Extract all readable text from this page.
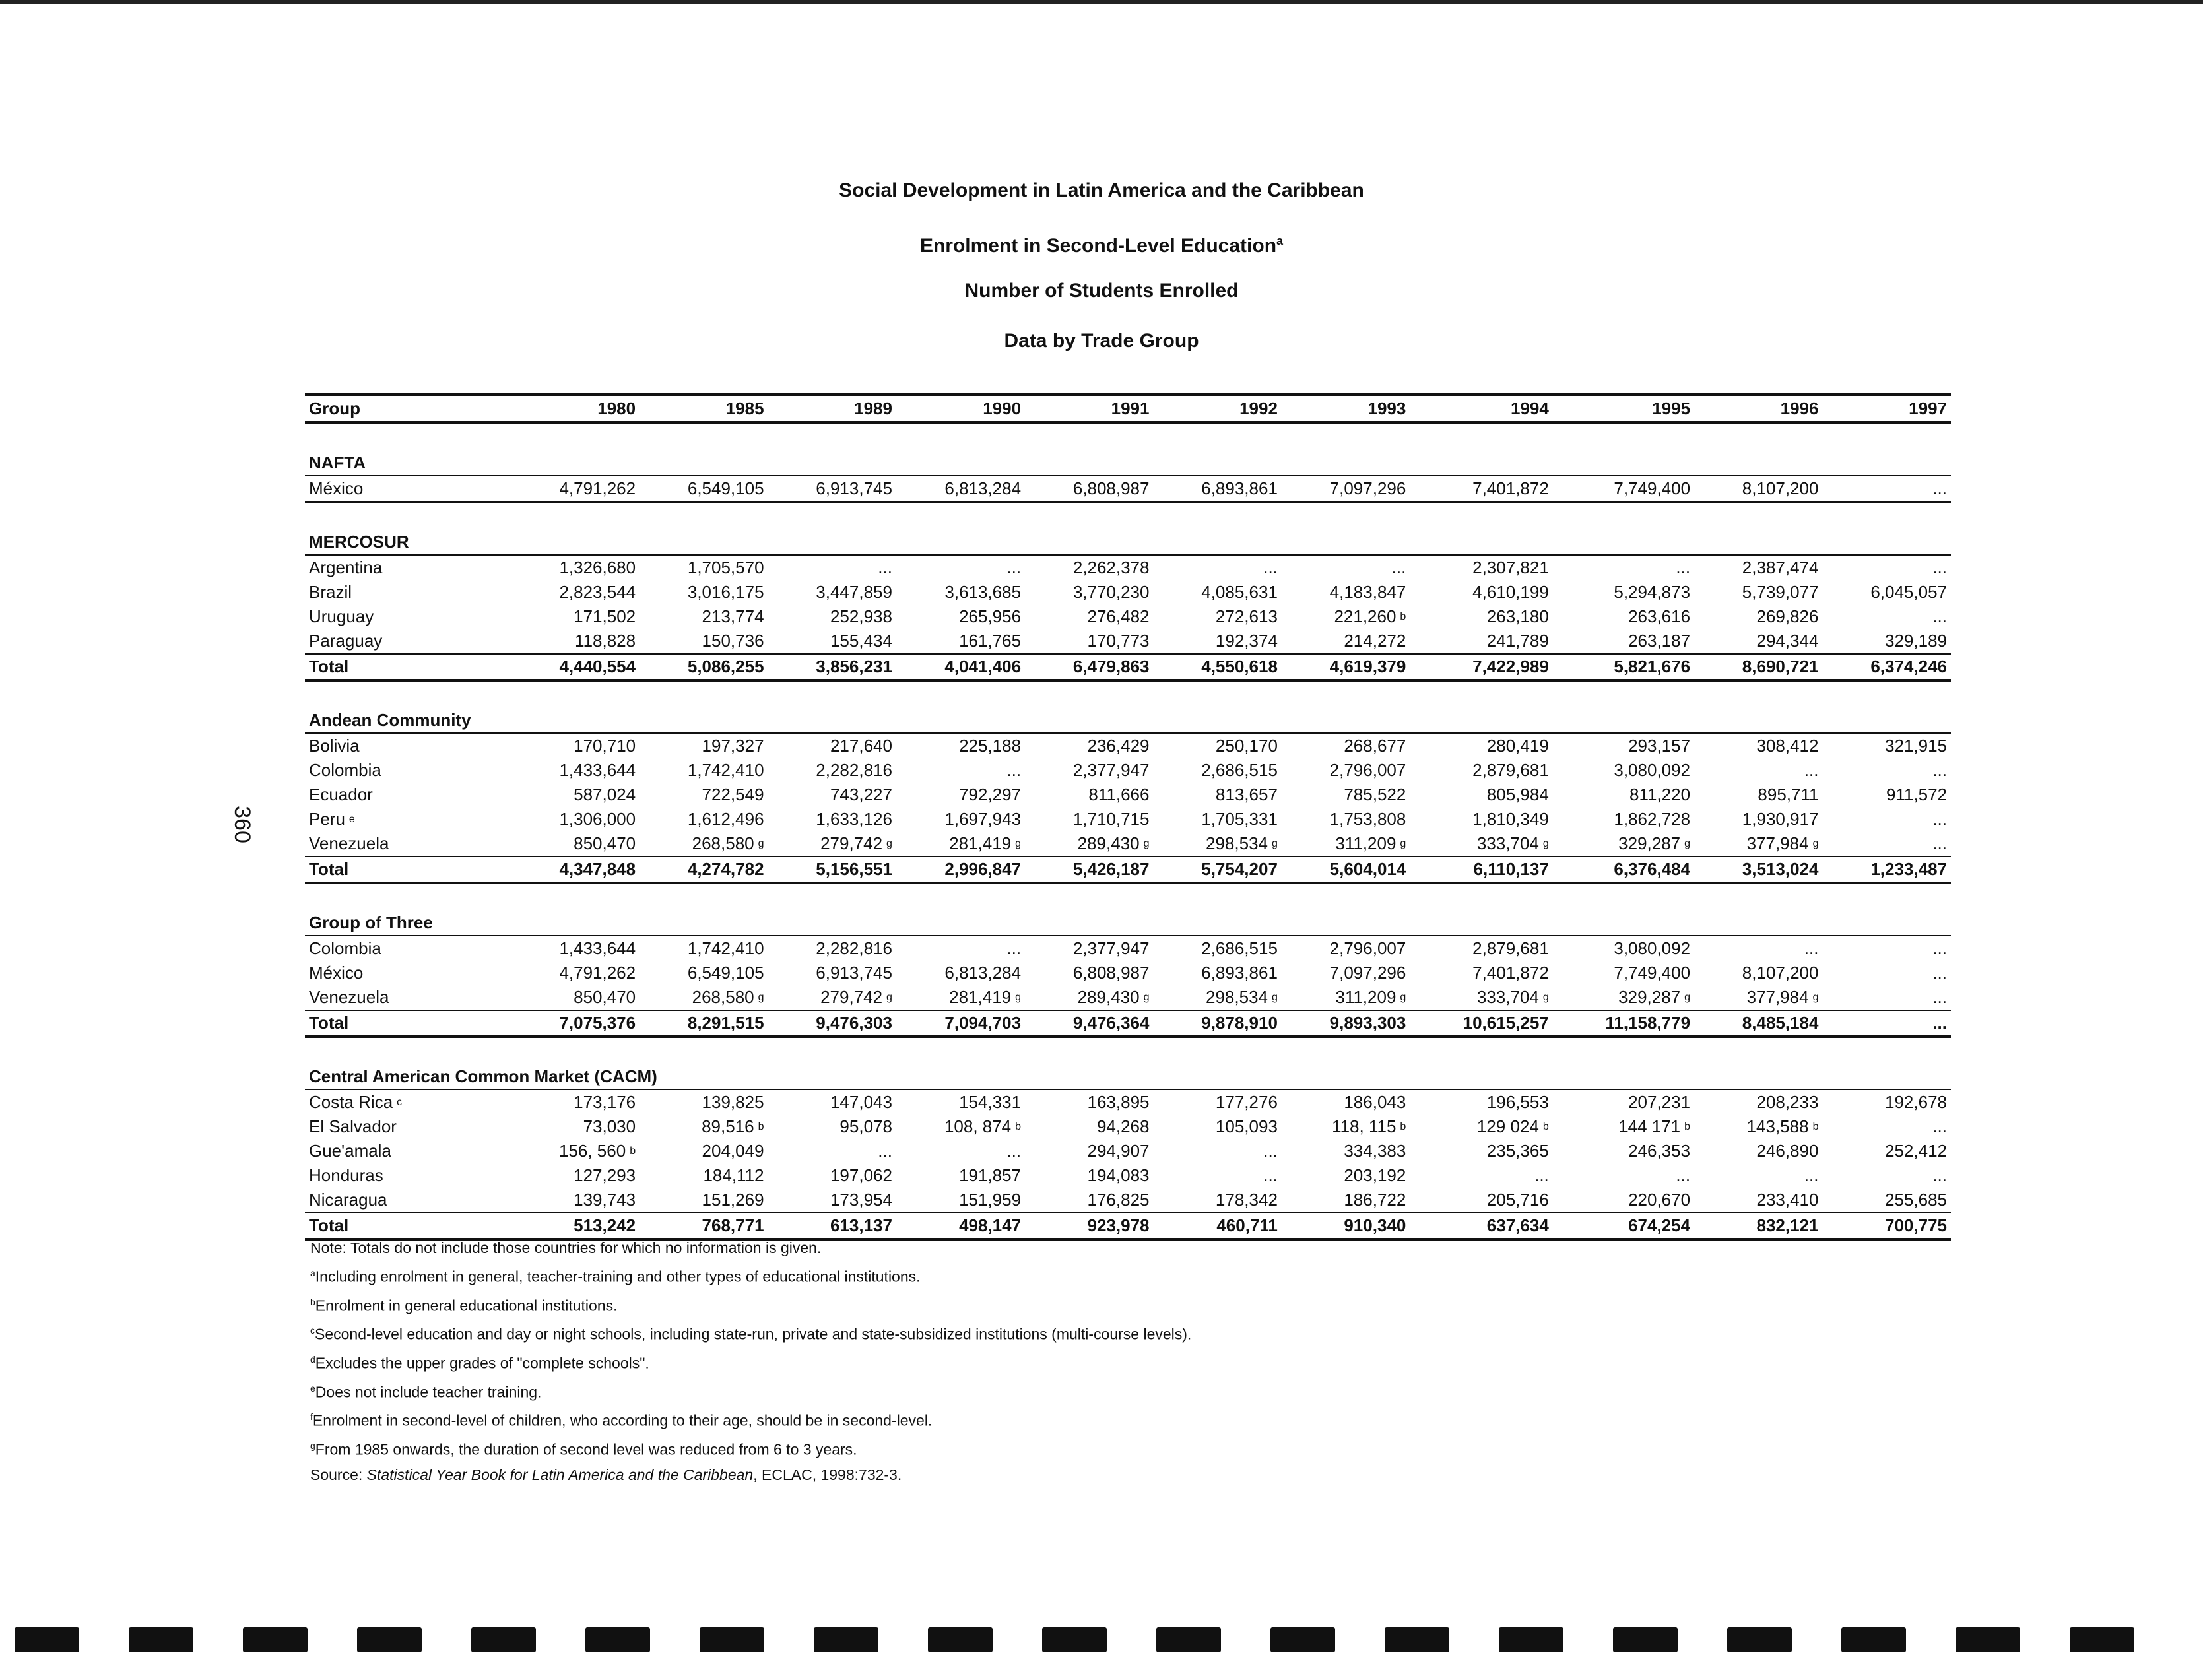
Social Development in Latin America and the Caribbean
Enrolment in Second-Level Education$^a$
Number of Students Enrolled
Data by Trade Group
360
Group	1980	1985	1989	1990	1991	1992	1993	1994	1995	1996	1997

NAFTA											
México	4,791,262	6,549,105	6,913,745	6,813,284	6,808,987	6,893,861	7,097,296	7,401,872	7,749,400	8,107,200	...

MERCOSUR											
Argentina	1,326,680	1,705,570	...	...	2,262,378	...	...	2,307,821	...	2,387,474	...
Brazil	2,823,544	3,016,175	3,447,859	3,613,685	3,770,230	4,085,631	4,183,847	4,610,199	5,294,873	5,739,077	6,045,057
Uruguay	171,502	213,774	252,938	265,956	276,482	272,613	221,260 $^b$	263,180	263,616	269,826	...
Paraguay	118,828	150,736	155,434	161,765	170,773	192,374	214,272	241,789	263,187	294,344	329,189
Total	4,440,554	5,086,255	3,856,231	4,041,406	6,479,863	4,550,618	4,619,379	7,422,989	5,821,676	8,690,721	6,374,246

Andean Community											
Bolivia	170,710	197,327	217,640	225,188	236,429	250,170	268,677	280,419	293,157	308,412	321,915
Colombia	1,433,644	1,742,410	2,282,816	...	2,377,947	2,686,515	2,796,007	2,879,681	3,080,092	...	...
Ecuador	587,024	722,549	743,227	792,297	811,666	813,657	785,522	805,984	811,220	895,711	911,572
Peru $^e$	1,306,000	1,612,496	1,633,126	1,697,943	1,710,715	1,705,331	1,753,808	1,810,349	1,862,728	1,930,917	...
Venezuela	850,470	268,580 $^g$	279,742 $^g$	281,419 $^g$	289,430 $^g$	298,534 $^g$	311,209 $^g$	333,704 $^g$	329,287 $^g$	377,984 $^g$	...
Total	4,347,848	4,274,782	5,156,551	2,996,847	5,426,187	5,754,207	5,604,014	6,110,137	6,376,484	3,513,024	1,233,487

Group of Three											
Colombia	1,433,644	1,742,410	2,282,816	...	2,377,947	2,686,515	2,796,007	2,879,681	3,080,092	...	...
México	4,791,262	6,549,105	6,913,745	6,813,284	6,808,987	6,893,861	7,097,296	7,401,872	7,749,400	8,107,200	...
Venezuela	850,470	268,580 $^g$	279,742 $^g$	281,419 $^g$	289,430 $^g$	298,534 $^g$	311,209 $^g$	333,704 $^g$	329,287 $^g$	377,984 $^g$	...
Total	7,075,376	8,291,515	9,476,303	7,094,703	9,476,364	9,878,910	9,893,303	10,615,257	11,158,779	8,485,184	...

Central American Common Market (CACM)											
Costa Rica $^c$	173,176	139,825	147,043	154,331	163,895	177,276	186,043	196,553	207,231	208,233	192,678
El Salvador	73,030	89,516 $^b$	95,078	108, 874 $^b$	94,268	105,093	118, 115 $^b$	129 024 $^b$	144 171 $^b$	143,588 $^b$	...
Gue'amala	156, 560 $^b$	204,049	...	...	294,907	...	334,383	235,365	246,353	246,890	252,412
Honduras	127,293	184,112	197,062	191,857	194,083	...	203,192	...	...	...	...
Nicaragua	139,743	151,269	173,954	151,959	176,825	178,342	186,722	205,716	220,670	233,410	255,685
Total	513,242	768,771	613,137	498,147	923,978	460,711	910,340	637,634	674,254	832,121	700,775
Note: Totals do not include those countries for which no information is given.
$^a$Including enrolment in general, teacher-training and other types of educational institutions.
$^b$Enrolment in general educational institutions.
$^c$Second-level education and day or night schools, including state-run, private and state-subsidized institutions (multi-course levels).
$^d$Excludes the upper grades of "complete schools".
$^e$Does not include teacher training.
$^f$Enrolment in second-level of children, who according to their age, should be in second-level.
$^g$From 1985 onwards, the duration of second level was reduced from 6 to 3 years.
Source: Statistical Year Book for Latin America and the Caribbean, ECLAC, 1998:732-3.
